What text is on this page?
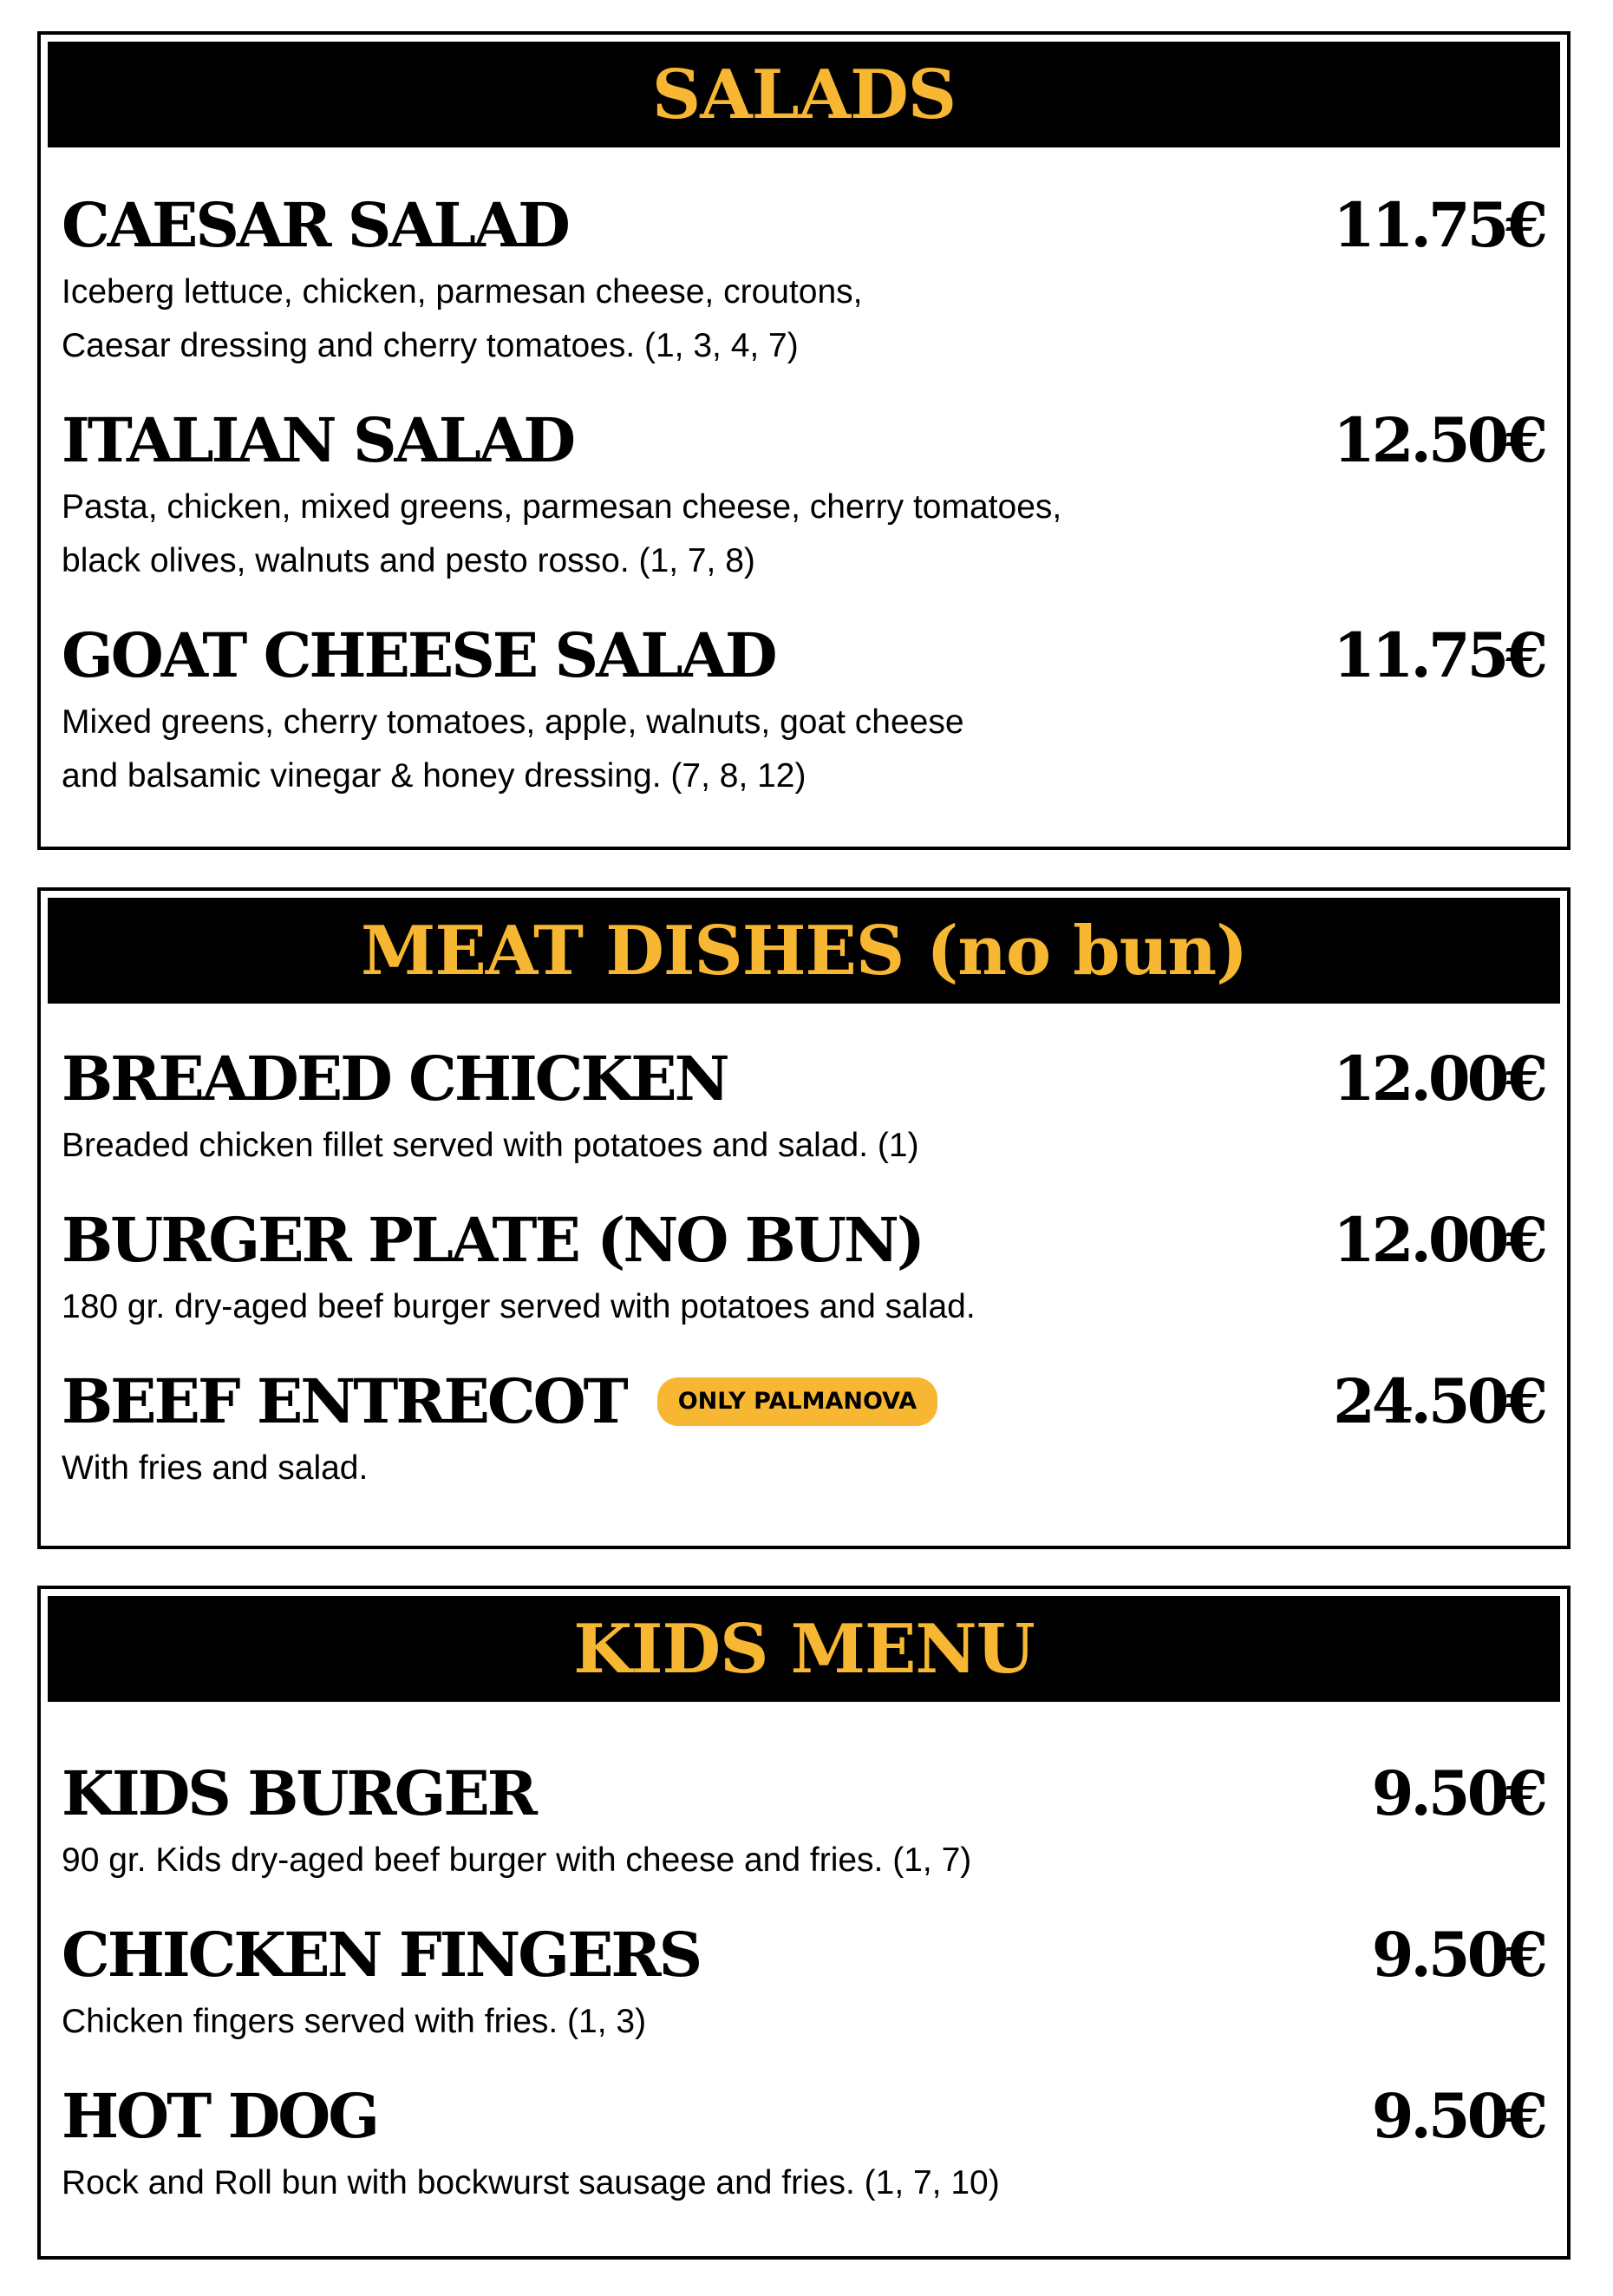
SALADS
CAESAR SALAD	11.75€
Iceberg lettuce, chicken, parmesan cheese, croutons,
Caesar dressing and cherry tomatoes. (1, 3, 4, 7)
ITALIAN SALAD	12.50€
Pasta, chicken, mixed greens, parmesan cheese, cherry tomatoes,
black olives, walnuts and pesto rosso. (1, 7, 8)
GOAT CHEESE SALAD	11.75€
Mixed greens, cherry tomatoes, apple, walnuts, goat cheese
and balsamic vinegar & honey dressing. (7, 8, 12)
MEAT DISHES (no bun)
BREADED CHICKEN	12.00€
Breaded chicken fillet served with potatoes and salad. (1)
BURGER PLATE (NO BUN)	12.00€
180 gr. dry-aged beef burger served with potatoes and salad.
BEEF ENTRECOT	ONLY PALMANOVA	24.50€
With fries and salad.
KIDS MENU
KIDS BURGER	9.50€
90 gr. Kids dry-aged beef burger with cheese and fries. (1, 7)
CHICKEN FINGERS	9.50€
Chicken fingers served with fries. (1, 3)
HOT DOG	9.50€
Rock and Roll bun with bockwurst sausage and fries. (1, 7, 10)
